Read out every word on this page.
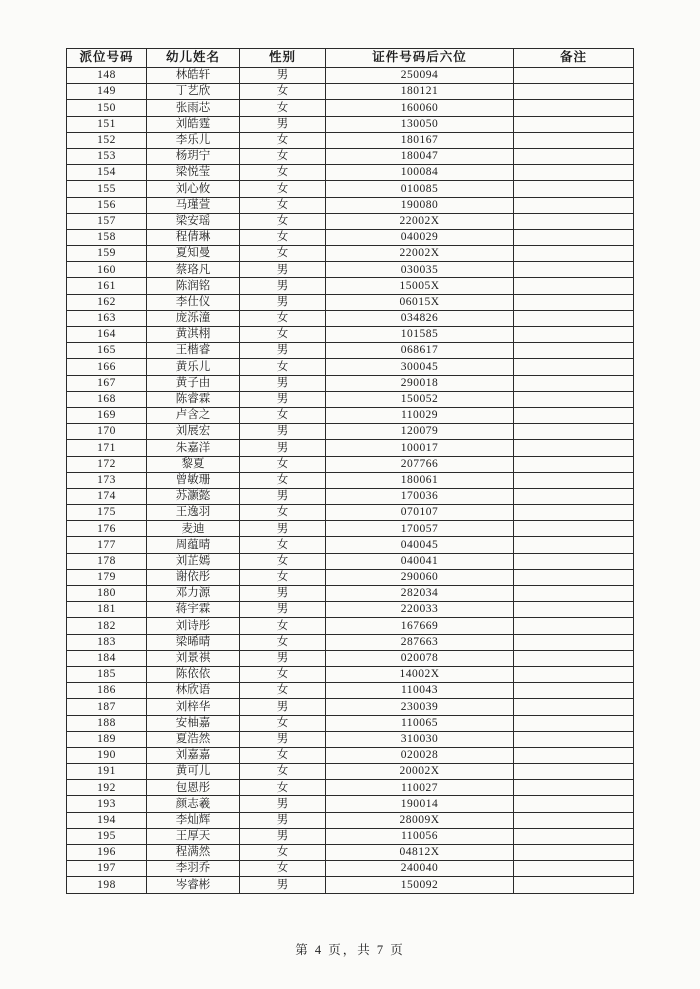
派位号码	幼儿姓名	性别	证件号码后六位	备注
148	林皓轩	男	250094	
149	丁艺欣	女	180121	
150	张雨芯	女	160060	
151	刘皓霆	男	130050	
152	李乐儿	女	180167	
153	杨玥宁	女	180047	
154	梁悦莹	女	100084	
155	刘心攸	女	010085	
156	马瑾萱	女	190080	
157	梁安瑶	女	22002X	
158	程倩琳	女	040029	
159	夏知曼	女	22002X	
160	蔡珞凡	男	030035	
161	陈润铭	男	15005X	
162	李仕仪	男	06015X	
163	庞泺潼	女	034826	
164	黄淇栩	女	101585	
165	王楷睿	男	068617	
166	黄乐儿	女	300045	
167	黄子由	男	290018	
168	陈睿霖	男	150052	
169	卢含之	女	110029	
170	刘展宏	男	120079	
171	朱嘉洋	男	100017	
172	黎夏	女	207766	
173	曾敏珊	女	180061	
174	苏灏懿	男	170036	
175	王逸羽	女	070107	
176	麦迪	男	170057	
177	周蕴晴	女	040045	
178	刘芷嫣	女	040041	
179	谢依彤	女	290060	
180	邓力源	男	282034	
181	蒋宇霖	男	220033	
182	刘诗彤	女	167669	
183	梁晞晴	女	287663	
184	刘景祺	男	020078	
185	陈依依	女	14002X	
186	林欣语	女	110043	
187	刘梓华	男	230039	
188	安柚嘉	女	110065	
189	夏浩然	男	310030	
190	刘嘉嘉	女	020028	
191	黄可儿	女	20002X	
192	包恩彤	女	110027	
193	颜志羲	男	190014	
194	李灿辉	男	28009X	
195	王厚天	男	110056	
196	程满然	女	04812X	
197	李羽乔	女	240040	
198	岑睿彬	男	150092	
第 4 页，共 7 页
